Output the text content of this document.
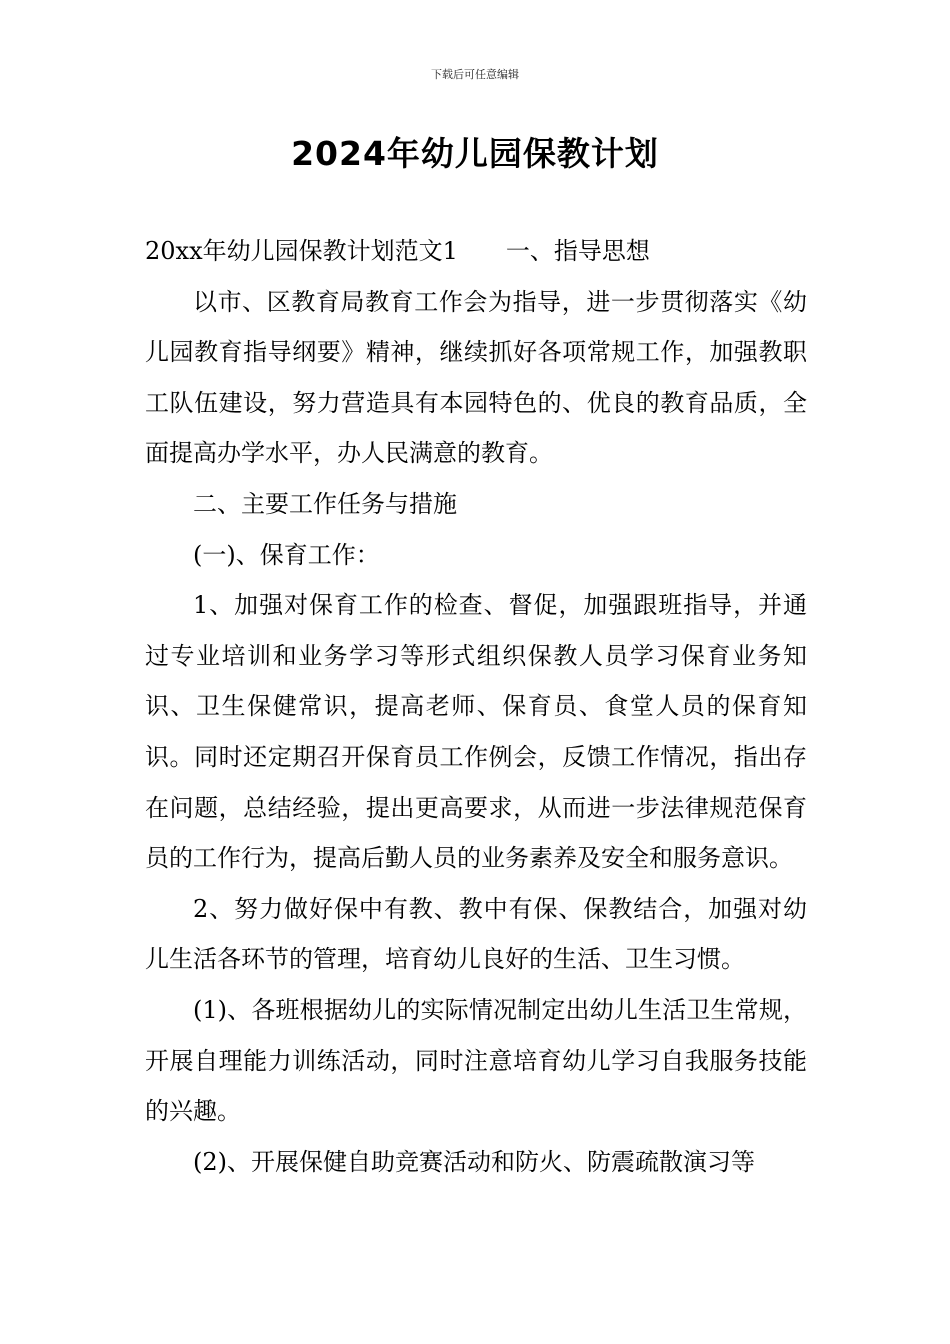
下载后可任意编辑
2024年幼儿园保教计划

20xx年幼儿园保教计划范文1 一、指导思想

以市、区教育局教育工作会为指导，进一步贯彻落实《幼儿园教育指导纲要》精神，继续抓好各项常规工作，加强教职工队伍建设，努力营造具有本园特色的、优良的教育品质，全面提高办学水平，办人民满意的教育。

二、主要工作任务与措施

(一)、保育工作：

1、加强对保育工作的检查、督促，加强跟班指导，并通过专业培训和业务学习等形式组织保教人员学习保育业务知识、卫生保健常识，提高老师、保育员、食堂人员的保育知识。同时还定期召开保育员工作例会，反馈工作情况，指出存在问题，总结经验，提出更高要求，从而进一步法律规范保育员的工作行为，提高后勤人员的业务素养及安全和服务意识。

2、努力做好保中有教、教中有保、保教结合，加强对幼儿生活各环节的管理，培育幼儿良好的生活、卫生习惯。

(1)、各班根据幼儿的实际情况制定出幼儿生活卫生常规，开展自理能力训练活动，同时注意培育幼儿学习自我服务技能的兴趣。

(2)、开展保健自助竞赛活动和防火、防震疏散演习等
